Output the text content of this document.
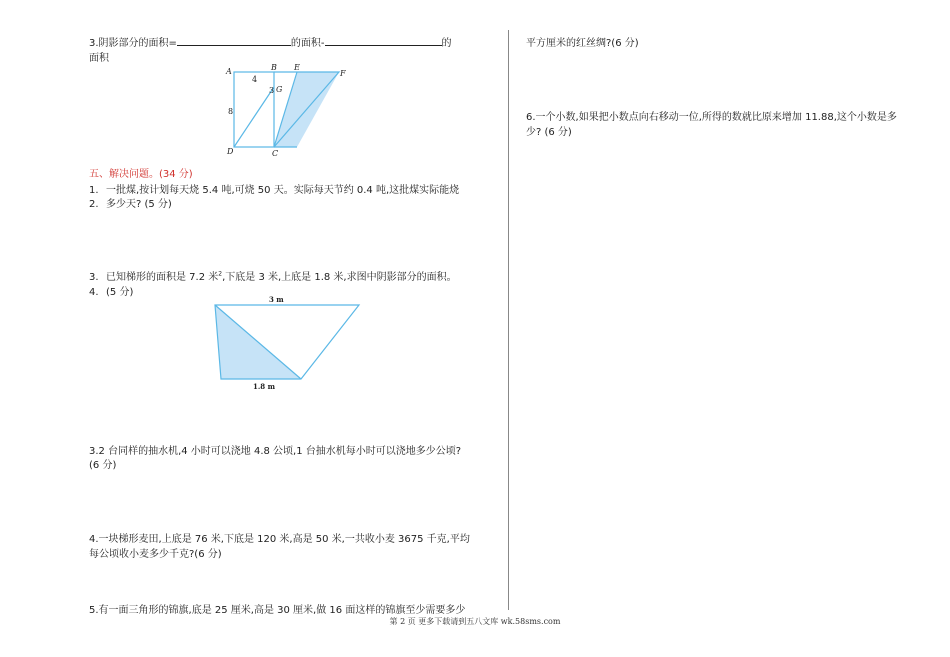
3.阴影部分的面积=	的面积-	的
面积
A	B E
F
G
C
D
4
8
3
五、解决问题。(34 分)
1. 一批煤,按计划每天烧 5.4 吨,可烧 50 天。实际每天节约 0.4 吨,这批煤实际能烧
2. 多少天? (5 分)
3. 已知梯形的面积是 7.2 米$^2$,下底是 3 米,上底是 1.8 米,求图中阴影部分的面积。
4. (5 分)
3 m
1.8 m
3.2 台同样的抽水机,4 小时可以浇地 4.8 公顷,1 台抽水机每小时可以浇地多少公顷?
(6 分)
4.一块梯形麦田,上底是 76 米,下底是 120 米,高是 50 米,一共收小麦 3675 千克,平均
每公顷收小麦多少千克?(6 分)
5.有一面三角形的锦旗,底是 25 厘米,高是 30 厘米,做 16 面这样的锦旗至少需要多少
平方厘米的红丝绸?(6 分)
6.一个小数,如果把小数点向右移动一位,所得的数就比原来增加 11.88,这个小数是多
少? (6 分)
第 2 页 更多下载请到五八文库 wk.58sms.com
